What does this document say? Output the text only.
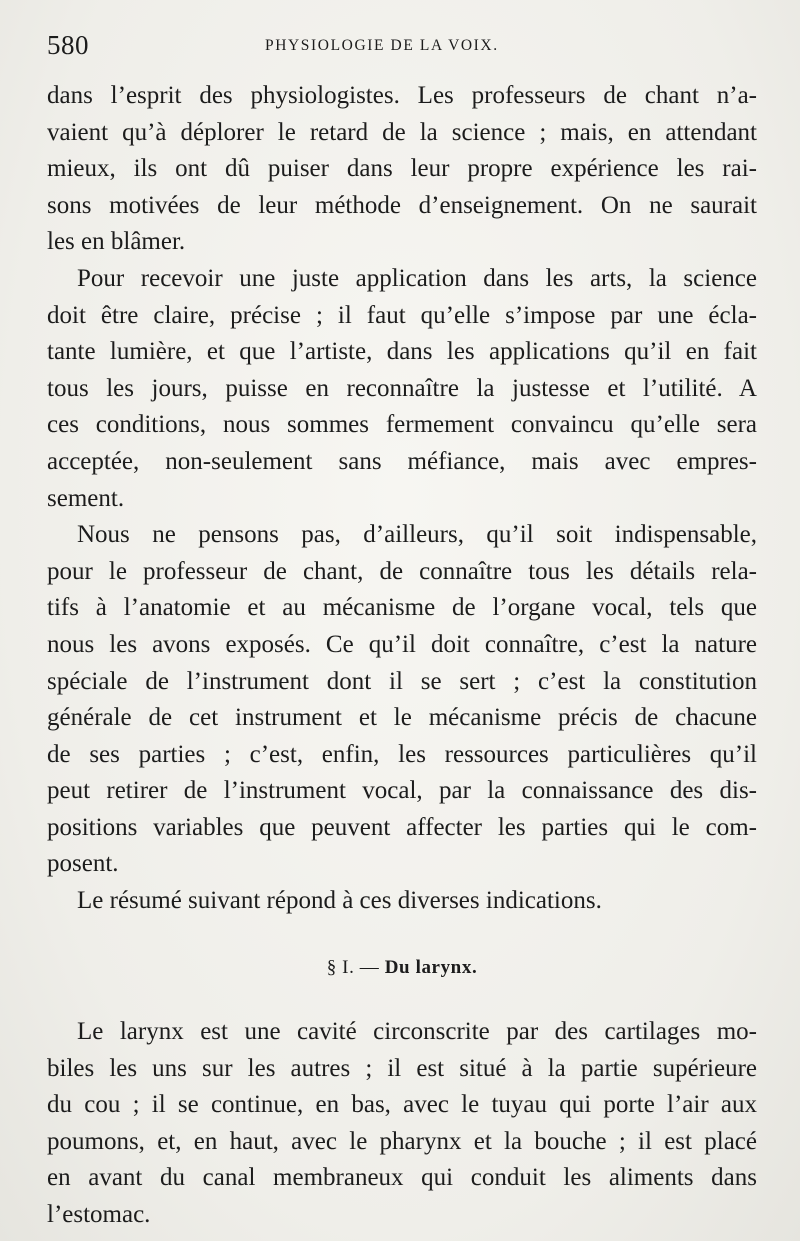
580	PHYSIOLOGIE DE LA VOIX.

dans l’esprit des physiologistes. Les professeurs de chant n’a-
vaient qu’à déplorer le retard de la science ; mais, en attendant
mieux, ils ont dû puiser dans leur propre expérience les rai-
sons motivées de leur méthode d’enseignement. On ne saurait
les en blâmer.

Pour recevoir une juste application dans les arts, la science
doit être claire, précise ; il faut qu’elle s’impose par une écla-
tante lumière, et que l’artiste, dans les applications qu’il en fait
tous les jours, puisse en reconnaître la justesse et l’utilité. A
ces conditions, nous sommes fermement convaincu qu’elle sera
acceptée, non-seulement sans méfiance, mais avec empres-
sement.

Nous ne pensons pas, d’ailleurs, qu’il soit indispensable,
pour le professeur de chant, de connaître tous les détails rela-
tifs à l’anatomie et au mécanisme de l’organe vocal, tels que
nous les avons exposés. Ce qu’il doit connaître, c’est la nature
spéciale de l’instrument dont il se sert ; c’est la constitution
générale de cet instrument et le mécanisme précis de chacune
de ses parties ; c’est, enfin, les ressources particulières qu’il
peut retirer de l’instrument vocal, par la connaissance des dis-
positions variables que peuvent affecter les parties qui le com-
posent.

Le résumé suivant répond à ces diverses indications.

§ I. — Du larynx.

Le larynx est une cavité circonscrite par des cartilages mo-
biles les uns sur les autres ; il est situé à la partie supérieure
du cou ; il se continue, en bas, avec le tuyau qui porte l’air aux
poumons, et, en haut, avec le pharynx et la bouche ; il est placé
en avant du canal membraneux qui conduit les aliments dans
l’estomac.
